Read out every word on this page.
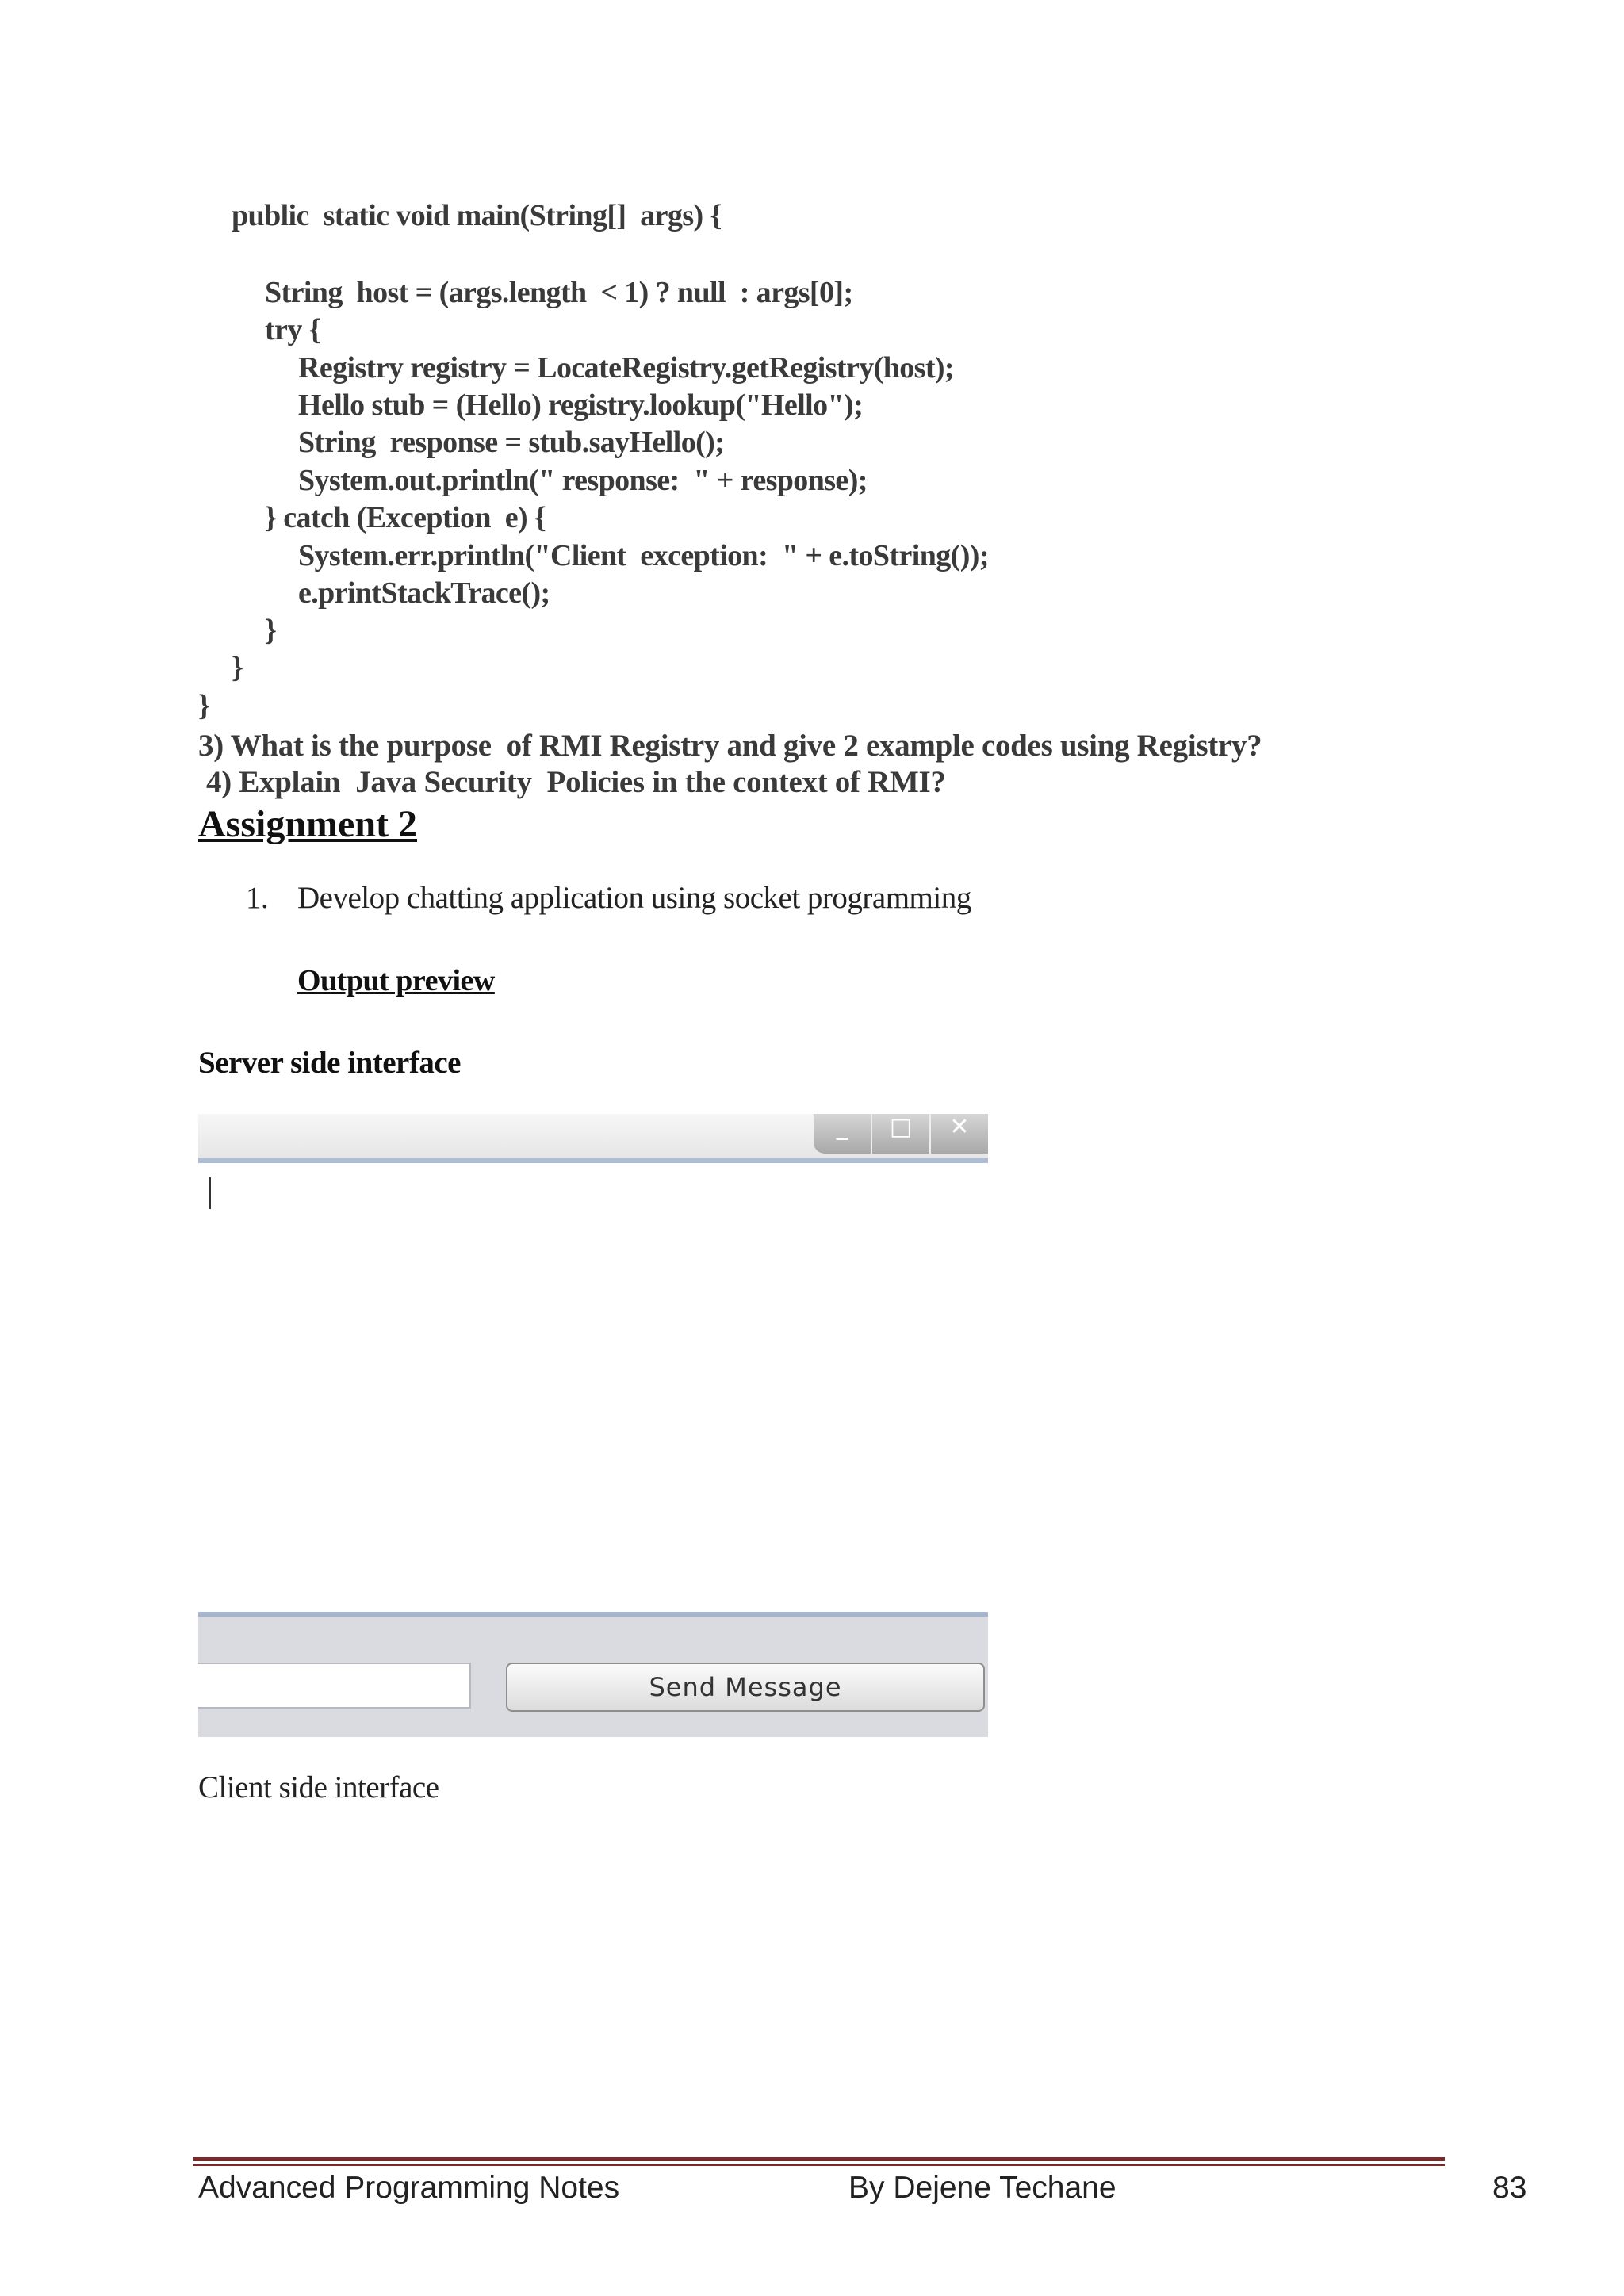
public  static void main(String[]  args) {
String  host = (args.length  < 1) ? null  : args[0];
try {
Registry registry = LocateRegistry.getRegistry(host);
Hello stub = (Hello) registry.lookup("Hello");
String  response = stub.sayHello();
System.out.println(" response:  " + response);
} catch (Exception  e) {
System.err.println("Client  exception:  " + e.toString());
e.printStackTrace();
}
}
}
3) What is the purpose  of RMI Registry and give 2 example codes using Registry?
4) Explain  Java Security  Policies in the context of RMI?
Assignment 2
1. Develop chatting application using socket programming
Output preview
Server side interface
_	□	✕
Send Message
Client side interface
Advanced Programming Notes	By Dejene Techane	83
